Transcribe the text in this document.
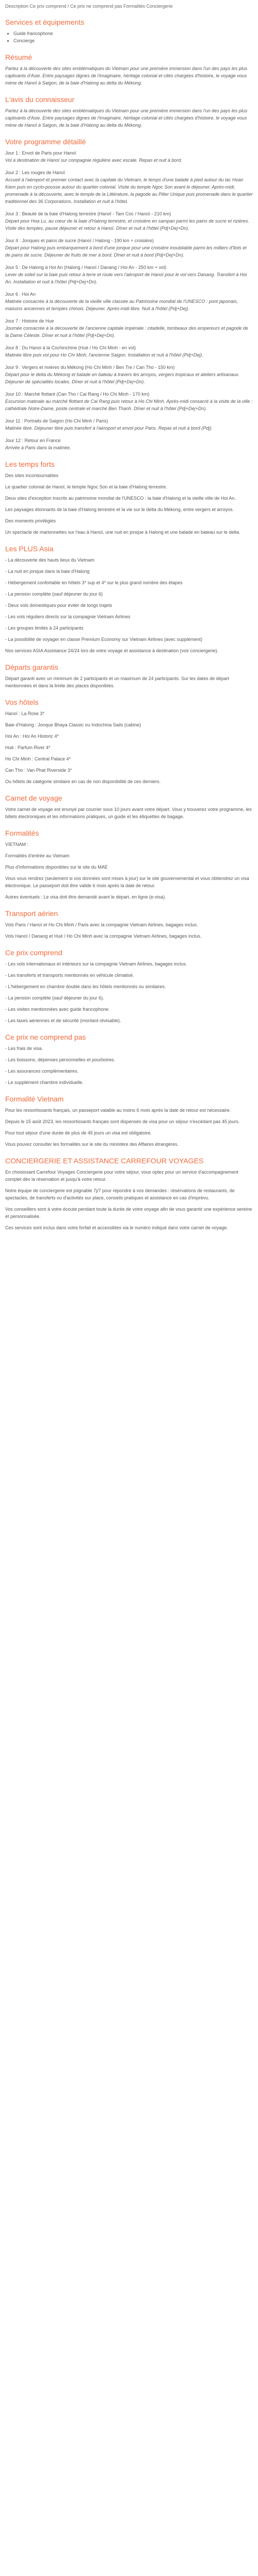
Description Ce prix comprend / Ce prix ne comprend pas Formalités Conciergerie
Services et équipements
• Guide francophone
• Concierge
Résumé

Partez à la découverte des sites emblématiques du Vietnam pour une première immersion dans l'un des pays les plus captivants d'Asie. Entre paysages dignes de l'imaginaire, héritage colonial et cités chargées d'histoire, le voyage vous mène de Hanoï à Saigon, de la baie d'Halong au delta du Mékong.

L'avis du connaisseur

Partez à la découverte des sites emblématiques du Vietnam pour une première immersion dans l'un des pays les plus captivants d'Asie. Entre paysages dignes de l'imaginaire, héritage colonial et cités chargées d'histoire, le voyage vous mène de Hanoï à Saigon, de la baie d'Halong au delta du Mékong.

Votre programme détaillé

Jour 1 : Envol de Paris pour Hanoï

Vol à destination de Hanoï sur compagnie régulière avec escale. Repas et nuit à bord.

Jour 2 : Les rouges de Hanoï

Accueil à l'aéroport et premier contact avec la capitale du Vietnam, le temps d'une balade à pied autour du lac Hoan Kiem puis en cyclo-pousse autour du quartier colonial. Visite du temple Ngoc Son avant le déjeuner. Après-midi, promenade à la découverte, avec le temple de la Littérature, la pagode au Pilier Unique puis promenade dans le quartier traditionnel des 36 Corporations. Installation et nuit à l'hôtel.

Jour 3 : Beauté de la baie d'Halong terrestre (Hanoï - Tam Coc / Hanoï - 210 km)

Départ pour Hoa Lu, au cœur de la baie d'Halong terrestre, et croisière en sampan parmi les pains de sucre et rizières. Visite des temples, pause déjeuner et retour à Hanoï. Dîner et nuit à l'hôtel (Pdj+Dej+Dn).

Jour 4 : Jonques et pains de sucre (Hanoï / Halong - 190 km + croisière)

Départ pour Halong puis embarquement à bord d'une jonque pour une croisière inoubliable parmi les milliers d'îlots et de pains de sucre. Déjeuner de fruits de mer à bord. Dîner et nuit à bord (Pdj+Dej+Dn).

Jour 5 : De Halong à Hoi An (Halong / Hanoï / Danang / Hoi An - 250 km + vol)

Lever de soleil sur la baie puis retour à terre et route vers l'aéroport de Hanoï pour le vol vers Danang. Transfert à Hoi An. Installation et nuit à l'hôtel (Pdj+Dej+Dn).

Jour 6 : Hoi An

Matinée consacrée à la découverte de la vieille ville classée au Patrimoine mondial de l'UNESCO : pont japonais, maisons anciennes et temples chinois. Déjeuner. Après-midi libre. Nuit à l'hôtel (Pdj+Dej).

Jour 7 : Histoire de Hue

Journée consacrée à la découverte de l'ancienne capitale impériale : citadelle, tombeaux des empereurs et pagode de la Dame Céleste. Dîner et nuit à l'hôtel (Pdj+Dej+Dn).

Jour 8 : Du Hanoi à la Cochinchine (Hué / Ho Chi Minh - en vol)

Matinée libre puis vol pour Ho Chi Minh, l'ancienne Saigon. Installation et nuit à l'hôtel (Pdj+Dej).

Jour 9 : Vergers et rivières du Mékong (Ho Chi Minh / Ben Tre / Can Tho - 150 km)

Départ pour le delta du Mékong et balade en bateau à travers les arroyos, vergers tropicaux et ateliers artisanaux. Déjeuner de spécialités locales. Dîner et nuit à l'hôtel (Pdj+Dej+Dn).

Jour 10 : Marché flottant (Can Tho / Cai Rang / Ho Chi Minh - 170 km)

Excursion matinale au marché flottant de Cai Rang puis retour à Ho Chi Minh. Après-midi consacré à la visite de la ville : cathédrale Notre-Dame, poste centrale et marché Ben Thanh. Dîner et nuit à l'hôtel (Pdj+Dej+Dn).

Jour 11 : Portraits de Saigon (Ho Chi Minh / Paris)

Matinée libre. Déjeuner libre puis transfert à l'aéroport et envol pour Paris. Repas et nuit à bord (Pdj).

Jour 12 : Retour en France

Arrivée à Paris dans la matinée.

Les temps forts

Des sites incontournables

Le quartier colonial de Hanoï, le temple Ngoc Son et la baie d'Halong terrestre.

Deux sites d'exception inscrits au patrimoine mondial de l'UNESCO : la baie d'Halong et la vieille ville de Hoi An.

Les paysages étonnants de la baie d'Halong terrestre et la vie sur le delta du Mékong, entre vergers et arroyos.

Des moments privilégiés

Un spectacle de marionnettes sur l'eau à Hanoï, une nuit en jonque à Halong et une balade en bateau sur le delta.

Les PLUS Asia

- La découverte des hauts lieux du Vietnam

- La nuit en jonque dans la baie d'Halong

- Hébergement confortable en hôtels 3* sup et 4* sur le plus grand nombre des étapes

- La pension complète (sauf déjeuner du jour 6)

- Deux vols domestiques pour éviter de longs trajets

- Les vols réguliers directs sur la compagnie Vietnam Airlines

- Les groupes limités à 24 participants

- La possibilité de voyager en classe Premium Economy sur Vietnam Airlines (avec supplément)

Nos services ASIA Assistance 24/24 lors de votre voyage et assistance à destination (voir conciergerie).

Départs garantis

Départ garanti avec un minimum de 2 participants et un maximum de 24 participants. Sur les dates de départ mentionnées et dans la limite des places disponibles.

Vos hôtels

Hanoï : La Rose 3*

Baie d'Halong : Jonque Bhaya Classic ou Indochina Sails (cabine)

Hoi An : Hoi An Historic 4*

Hué : Parfum River 4*

Ho Chi Minh : Central Palace 4*

Can Tho : Van Phat Riverside 3*

Ou hôtels de catégorie similaire en cas de non disponibilité de ces derniers.

Carnet de voyage

Votre carnet de voyage est envoyé par courrier sous 10 jours avant votre départ. Vous y trouverez votre programme, les billets électroniques et les informations pratiques, un guide et les étiquettes de bagage.

Formalités

VIETNAM :

Formalités d'entrée au Vietnam

Plus d'informations disponibles sur le site du MAE

Vous vous rendrez (seulement si vos données sont mises à jour) sur le site gouvernemental et vous obtiendrez un visa électronique. Le passeport doit être valide 6 mois après la date de retour.

Autres éventuels : Le visa doit être demandé avant le départ, en ligne (e-visa).

Transport aérien

Vols Paris / Hanoï et Ho Chi Minh / Paris avec la compagnie Vietnam Airlines, bagages inclus.

Vols Hanoï / Danang et Hué / Ho Chi Minh avec la compagnie Vietnam Airlines, bagages inclus.

Ce prix comprend

- Les vols internationaux et intérieurs sur la compagnie Vietnam Airlines, bagages inclus.

- Les transferts et transports mentionnés en véhicule climatisé.

- L'hébergement en chambre double dans les hôtels mentionnés ou similaires.

- La pension complète (sauf déjeuner du jour 6).

- Les visites mentionnées avec guide francophone.

- Les taxes aériennes et de sécurité (montant révisable).

Ce prix ne comprend pas

- Les frais de visa.

- Les boissons, dépenses personnelles et pourboires.

- Les assurances complémentaires.

- Le supplément chambre individuelle.

Formalité Vietnam

Pour les ressortissants français, un passeport valable au moins 6 mois après la date de retour est nécessaire.

Depuis le 15 août 2023, les ressortissants français sont dispensés de visa pour un séjour n'excédant pas 45 jours.

Pour tout séjour d'une durée de plus de 45 jours un visa est obligatoire.

Vous pouvez consulter les formalités sur le site du ministère des Affaires étrangères.

CONCIERGERIE ET ASSISTANCE CARREFOUR VOYAGES

En choisissant Carrefour Voyages Conciergerie pour votre séjour, vous optez pour un service d'accompagnement complet dès la réservation et jusqu'à votre retour.

Notre équipe de conciergerie est joignable 7j/7 pour répondre à vos demandes : réservations de restaurants, de spectacles, de transferts ou d'activités sur place, conseils pratiques et assistance en cas d'imprévu.

Vos conseillers sont à votre écoute pendant toute la durée de votre voyage afin de vous garantir une expérience sereine et personnalisée.

Ces services sont inclus dans votre forfait et accessibles via le numéro indiqué dans votre carnet de voyage.
